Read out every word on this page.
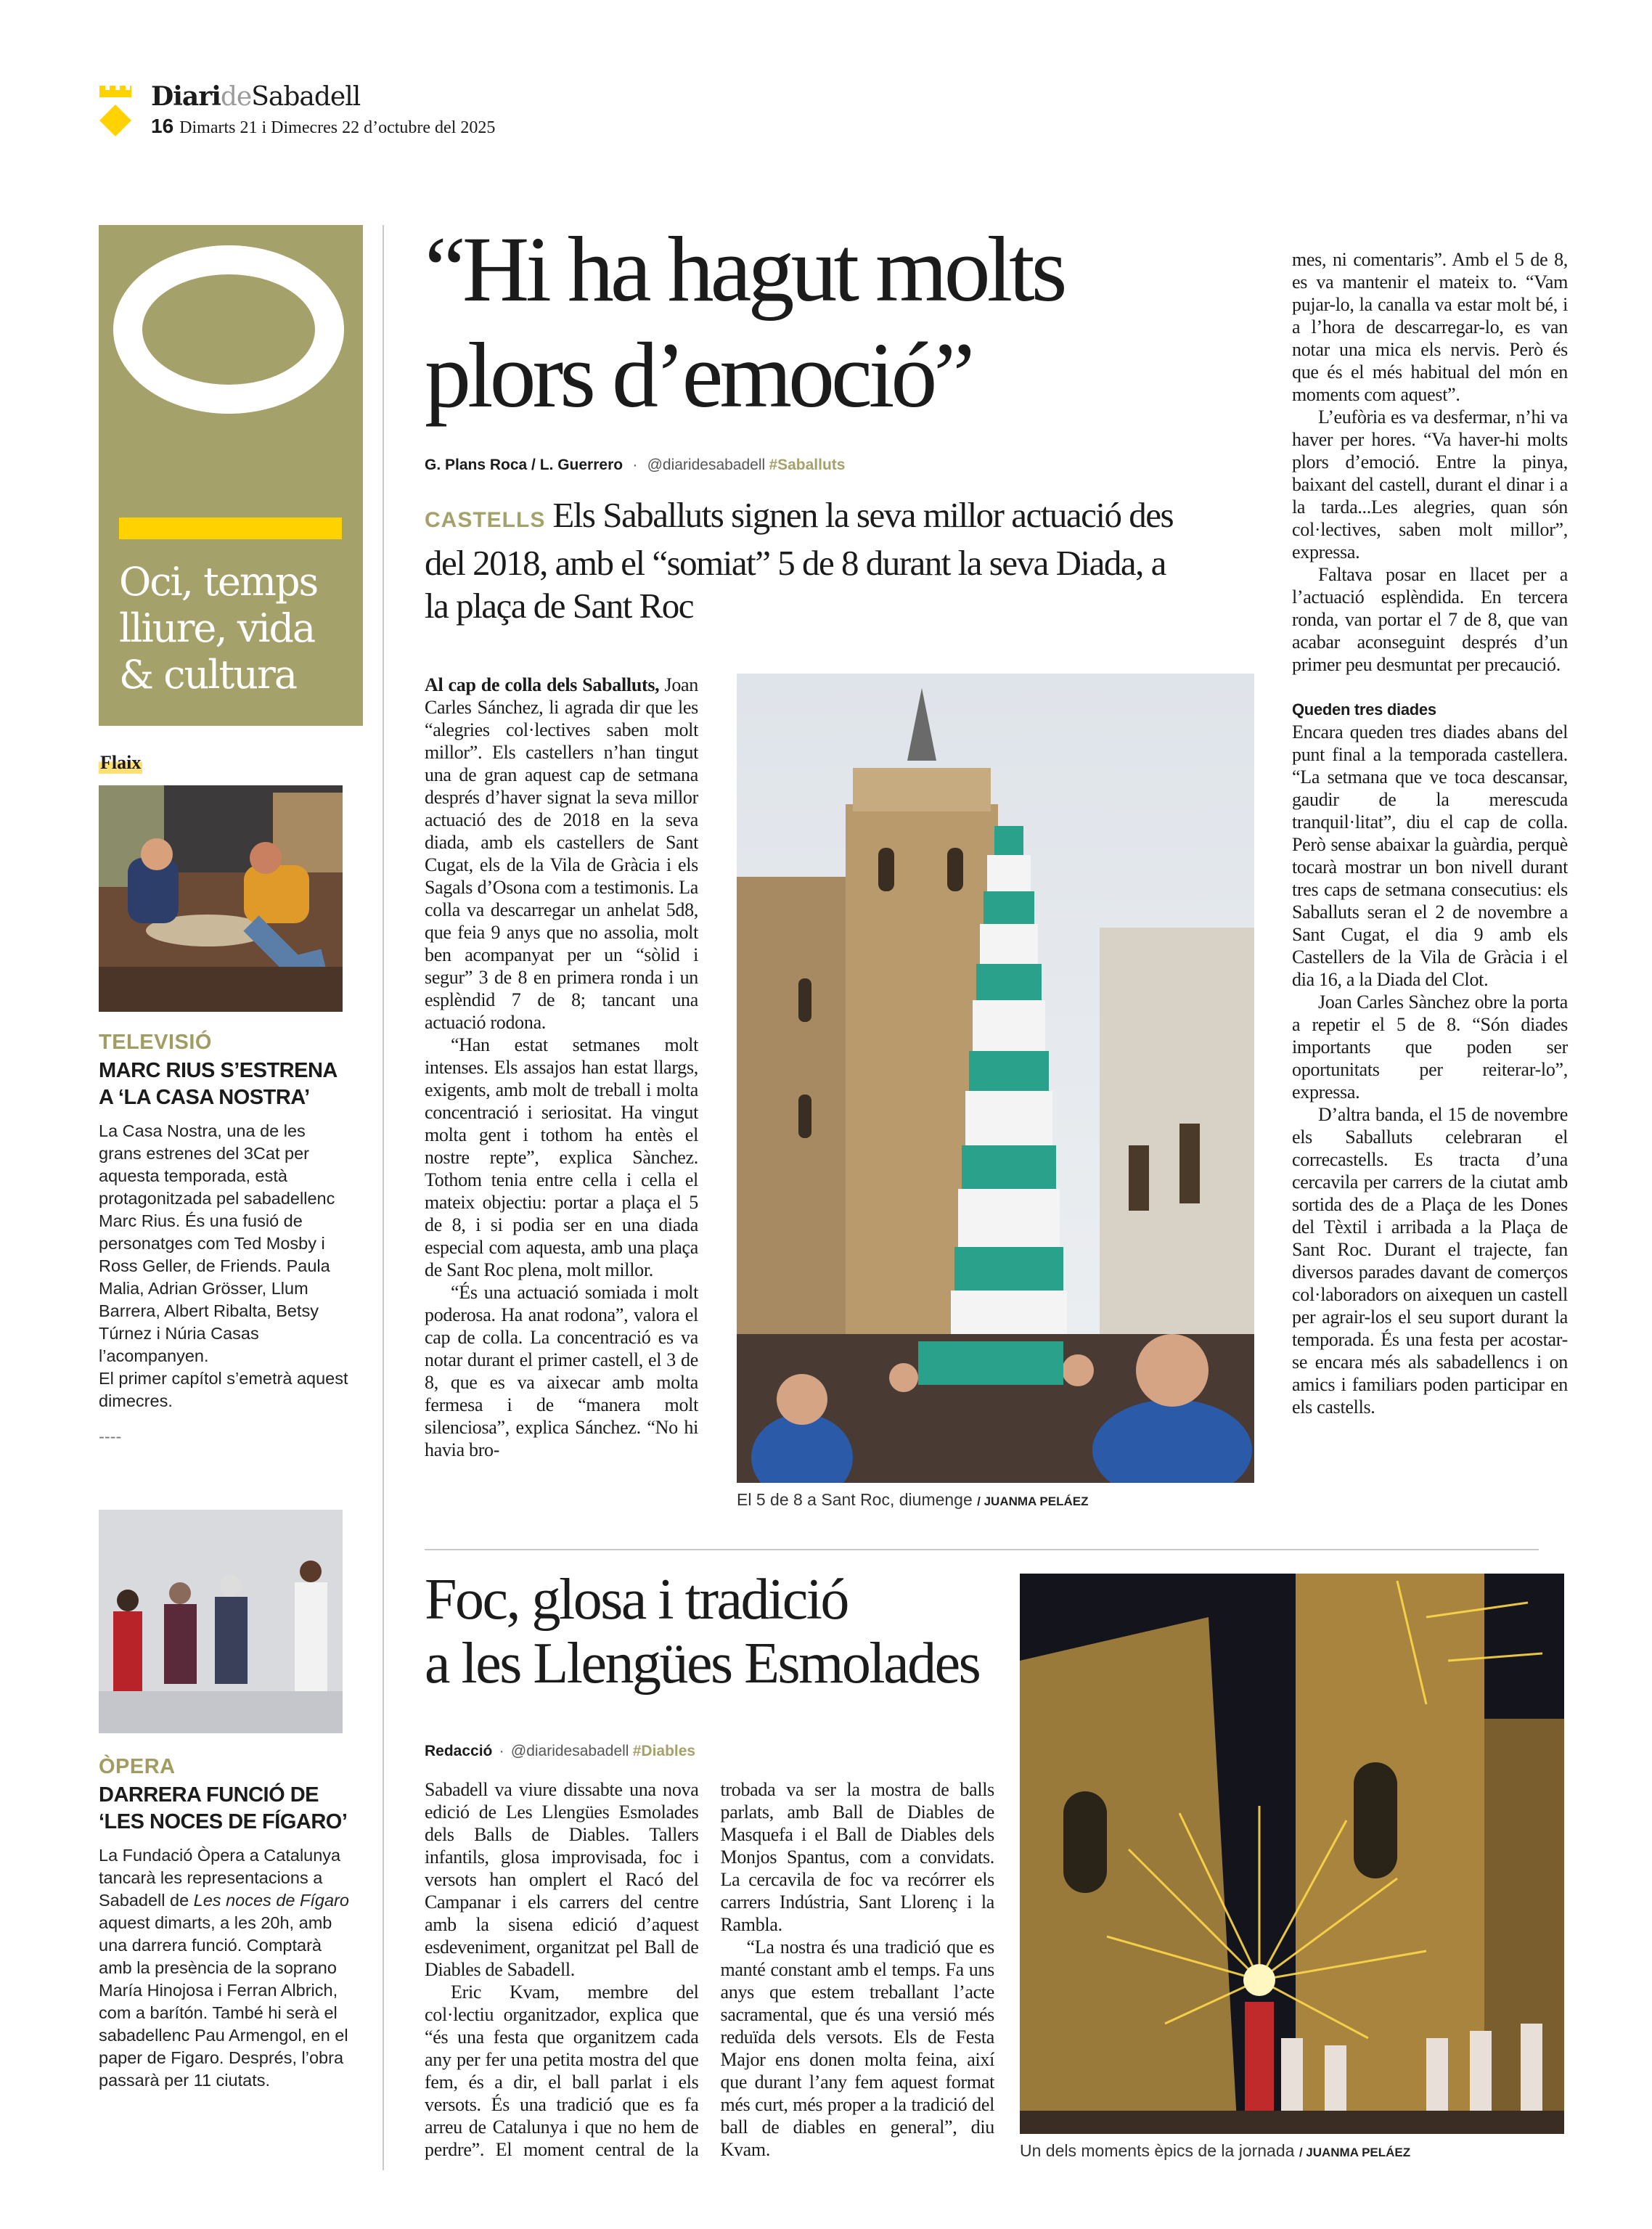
DiarideSabadell
16 Dimarts 21 i Dimecres 22 d’octubre del 2025
Oci, temps
lliure, vida
& cultura
Flaix
TELEVISIÓ
MARC RIUS S’ESTRENA A ‘LA CASA NOSTRA’
La Casa Nostra, una de les grans estrenes del 3Cat per aquesta temporada, està protagonitzada pel sabadellenc Marc Rius. És una fusió de personatges com Ted Mosby i Ross Geller, de Friends. Paula Malia, Adrian Grösser, Llum Barrera, Albert Ribalta, Betsy Túrnez i Núria Casas l’acompanyen.
El primer capítol s’emetrà aquest dimecres.
----
ÒPERA
DARRERA FUNCIÓ DE ‘LES NOCES DE FÍGARO’
La Fundació Òpera a Catalunya tancarà les representacions a Sabadell de Les noces de Fígaro aquest dimarts, a les 20h, amb una darrera funció. Comptarà amb la presència de la soprano María Hinojosa i Ferran Albrich, com a barítón. També hi serà el sabadellenc Pau Armengol, en el paper de Figaro. Després, l’obra passarà per 11 ciutats.
“Hi ha hagut molts
plors d’emoció”
G. Plans Roca / L. Guerrero · @diaridesabadell #Saballuts
CASTELLS Els Saballuts signen la seva millor actuació des del 2018, amb el “somiat” 5 de 8 durant la seva Diada, a la plaça de Sant Roc

Al cap de colla dels Saballuts, Joan Carles Sánchez, li agrada dir que les “alegries col·lectives saben molt millor”. Els castellers n’han tingut una de gran aquest cap de setmana després d’haver signat la seva millor actuació des de 2018 en la seva diada, amb els castellers de Sant Cugat, els de la Vila de Gràcia i els Sagals d’Osona com a testimonis. La colla va descarregar un anhelat 5d8, que feia 9 anys que no assolia, molt ben acompanyat per un “sòlid i segur” 3 de 8 en primera ronda i un esplèndid 7 de 8; tancant una actuació rodona.

“Han estat setmanes molt intenses. Els assajos han estat llargs, exigents, amb molt de treball i molta concentració i seriositat. Ha vingut molta gent i tothom ha entès el nostre repte”, explica Sànchez. Tothom tenia entre cella i cella el mateix objectiu: portar a plaça el 5 de 8, i si podia ser en una diada especial com aquesta, amb una plaça de Sant Roc plena, molt millor.

“És una actuació somiada i molt poderosa. Ha anat rodona”, valora el cap de colla. La concentració es va notar durant el primer castell, el 3 de 8, que es va aixecar amb molta fermesa i de “manera molt silenciosa”, explica Sánchez. “No hi havia bro-

El 5 de 8 a Sant Roc, diumenge / JUANMA PELÁEZ

mes, ni comentaris”. Amb el 5 de 8, es va mantenir el mateix to. “Vam pujar-lo, la canalla va estar molt bé, i a l’hora de descarregar-lo, es van notar una mica els nervis. Però és que és el més habitual del món en moments com aquest”.

L’eufòria es va desfermar, n’hi va haver per hores. “Va haver-hi molts plors d’emoció. Entre la pinya, baixant del castell, durant el dinar i a la tarda...Les alegries, quan són col·lectives, saben molt millor”, expressa.

Faltava posar en llacet per a l’actuació esplèndida. En tercera ronda, van portar el 7 de 8, que van acabar aconseguint després d’un primer peu desmuntat per precaució.

Queden tres diades

Encara queden tres diades abans del punt final a la temporada castellera. “La setmana que ve toca descansar, gaudir de la merescuda tranquil·litat”, diu el cap de colla. Però sense abaixar la guàrdia, perquè tocarà mostrar un bon nivell durant tres caps de setmana consecutius: els Saballuts seran el 2 de novembre a Sant Cugat, el dia 9 amb els Castellers de la Vila de Gràcia i el dia 16, a la Diada del Clot.

Joan Carles Sànchez obre la porta a repetir el 5 de 8. “Són diades importants que poden ser oportunitats per reiterar-lo”, expressa.

D’altra banda, el 15 de novembre els Saballuts celebraran el correcastells. Es tracta d’una cercavila per carrers de la ciutat amb sortida des de a Plaça de les Dones del Tèxtil i arribada a la Plaça de Sant Roc. Durant el trajecte, fan diversos parades davant de comerços col·laboradors on aixequen un castell per agrair-los el seu suport durant la temporada. És una festa per acostar-se encara més als sabadellencs i on amics i familiars poden participar en els castells.

Foc, glosa i tradició
a les Llengües Esmolades
Redacció · @diaridesabadell #Diables

Sabadell va viure dissabte una nova edició de Les Llengües Esmolades dels Balls de Diables. Tallers infantils, glosa improvisada, foc i versots han omplert el Racó del Campanar i els carrers del centre amb la sisena edició d’aquest esdeveniment, organitzat pel Ball de Diables de Sabadell.

Eric Kvam, membre del col·lectiu organitzador, explica que “és una festa que organitzem cada any per fer una petita mostra del que fem, és a dir, el ball parlat i els versots. És una tradició que es fa arreu de Catalunya i que no hem de perdre”. El moment central de la trobada va ser la mostra de balls parlats, amb Ball de Diables de Masquefa i el Ball de Diables dels Monjos Spantus, com a convidats. La cercavila de foc va recórrer els carrers Indústria, Sant Llorenç i la Rambla.

“La nostra és una tradició que es manté constant amb el temps. Fa uns anys que estem treballant l’acte sacramental, que és una versió més reduïda dels versots. Els de Festa Major ens donen molta feina, així que durant l’any fem aquest format més curt, més proper a la tradició del ball de diables en general”, diu Kvam.	Un dels moments èpics de la jornada / JUANMA PELÁEZ
